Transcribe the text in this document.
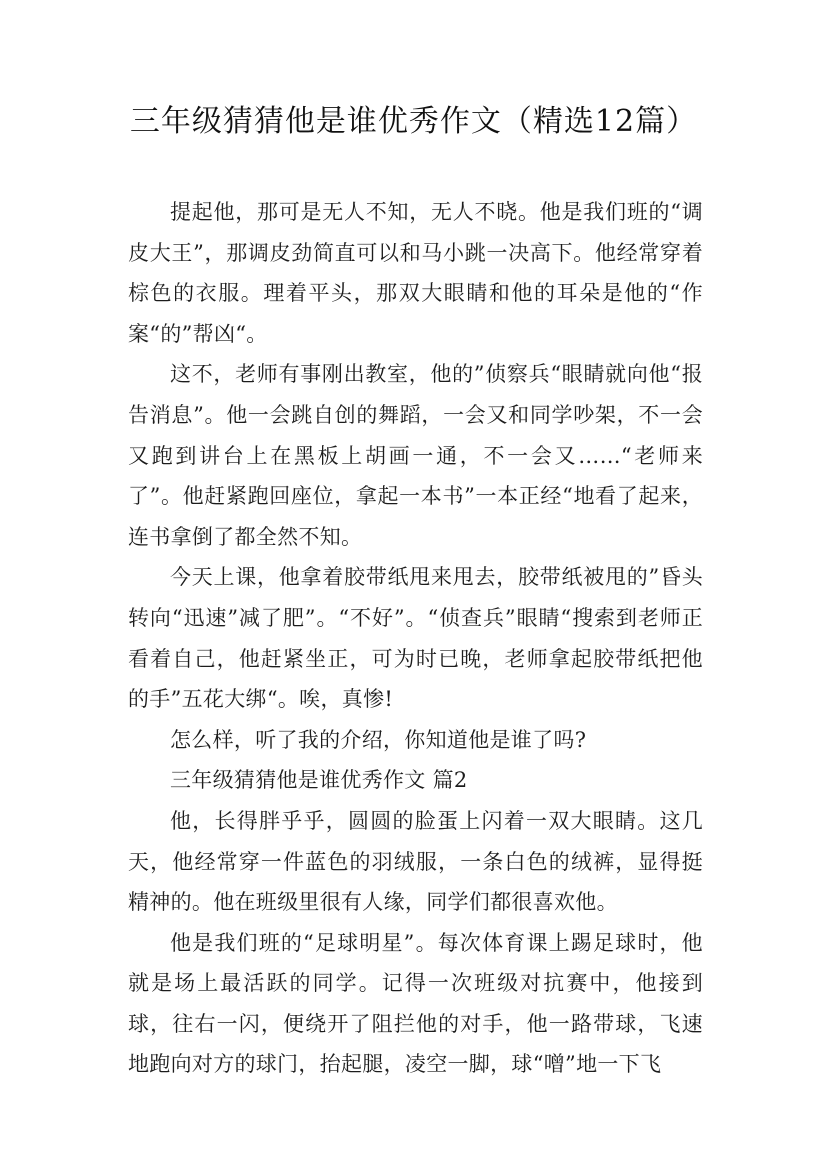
三年级猜猜他是谁优秀作文（精选12篇）

提起他，那可是无人不知，无人不晓。他是我们班的“调皮大王”，那调皮劲简直可以和马小跳一决高下。他经常穿着棕色的衣服。理着平头，那双大眼睛和他的耳朵是他的“作案“的”帮凶“。

这不，老师有事刚出教室，他的”侦察兵“眼睛就向他“报告消息”。他一会跳自创的舞蹈，一会又和同学吵架，不一会又跑到讲台上在黑板上胡画一通，不一会又……“老师来了”。他赶紧跑回座位，拿起一本书”一本正经“地看了起来，连书拿倒了都全然不知。

今天上课，他拿着胶带纸甩来甩去，胶带纸被甩的”昏头转向“迅速”减了肥”。“不好”。“侦查兵”眼睛“搜索到老师正看着自己，他赶紧坐正，可为时已晚，老师拿起胶带纸把他的手”五花大绑“。唉，真惨!

怎么样，听了我的介绍，你知道他是谁了吗?

三年级猜猜他是谁优秀作文 篇2

他，长得胖乎乎，圆圆的脸蛋上闪着一双大眼睛。这几天，他经常穿一件蓝色的羽绒服，一条白色的绒裤，显得挺精神的。他在班级里很有人缘，同学们都很喜欢他。

他是我们班的“足球明星”。每次体育课上踢足球时，他就是场上最活跃的同学。记得一次班级对抗赛中，他接到球，往右一闪，便绕开了阻拦他的对手，他一路带球，飞速地跑向对方的球门，抬起腿，凌空一脚，球“噌”地一下飞
